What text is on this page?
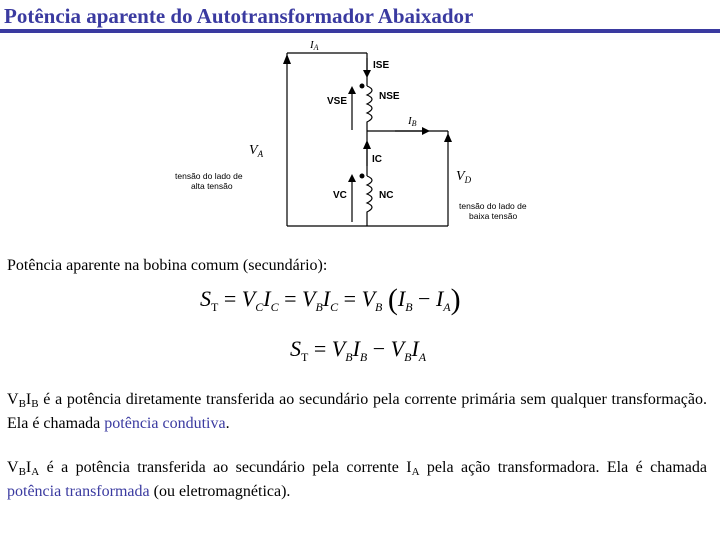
Potência aparente do Autotransformador Abaixador
IA
ISE
VSE	NSE
IB
$V_A$	IC
VC	NC
$V_D$
tensão do lado de
alta tensão
tensão do lado de
baixa tensão
Potência aparente na bobina comum (secundário):
$S_T = V_CI_C = V_BI_C = V_B$ $(I_B - I_A)$
$S_T = V_BI_B - V_BI_A$
$V_BI_B$ é a potência diretamente transferida ao secundário pela corrente primária sem qualquer transformação. Ela é chamada potência condutiva.
$V_BI_A$ é a potência transferida ao secundário pela corrente $I_A$ pela ação transformadora. Ela é chamada potência transformada (ou eletromagnética).
